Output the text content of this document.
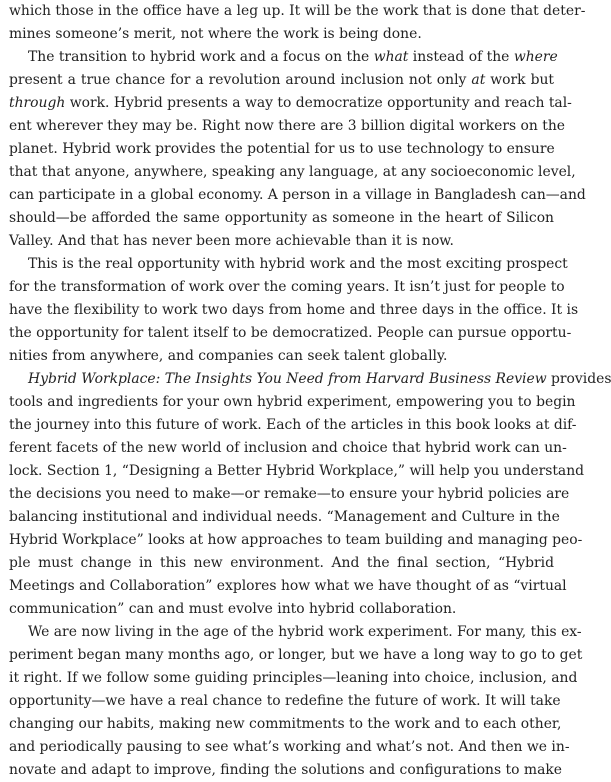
which those in the office have a leg up. It will be the work that is done that deter-
mines someone’s merit, not where the work is being done.
The transition to hybrid work and a focus on the what instead of the where
present a true chance for a revolution around inclusion not only at work but
through work. Hybrid presents a way to democratize opportunity and reach tal-
ent wherever they may be. Right now there are 3 billion digital workers on the
planet. Hybrid work provides the potential for us to use technology to ensure
that that anyone, anywhere, speaking any language, at any socioeconomic level,
can participate in a global economy. A person in a village in Bangladesh can—and
should—be afforded the same opportunity as someone in the heart of Silicon
Valley. And that has never been more achievable than it is now.
This is the real opportunity with hybrid work and the most exciting prospect
for the transformation of work over the coming years. It isn’t just for people to
have the flexibility to work two days from home and three days in the office. It is
the opportunity for talent itself to be democratized. People can pursue opportu-
nities from anywhere, and companies can seek talent globally.
Hybrid Workplace: The Insights You Need from Harvard Business Review provides
tools and ingredients for your own hybrid experiment, empowering you to begin
the journey into this future of work. Each of the articles in this book looks at dif-
ferent facets of the new world of inclusion and choice that hybrid work can un-
lock. Section 1, “Designing a Better Hybrid Workplace,” will help you understand
the decisions you need to make—or remake—to ensure your hybrid policies are
balancing institutional and individual needs. “Management and Culture in the
Hybrid Workplace” looks at how approaches to team building and managing peo-
ple must change in this new environment. And the final section, “Hybrid
Meetings and Collaboration” explores how what we have thought of as “virtual
communication” can and must evolve into hybrid collaboration.
We are now living in the age of the hybrid work experiment. For many, this ex-
periment began many months ago, or longer, but we have a long way to go to get
it right. If we follow some guiding principles—leaning into choice, inclusion, and
opportunity—we have a real chance to redefine the future of work. It will take
changing our habits, making new commitments to the work and to each other,
and periodically pausing to see what’s working and what’s not. And then we in-
novate and adapt to improve, finding the solutions and configurations to make
